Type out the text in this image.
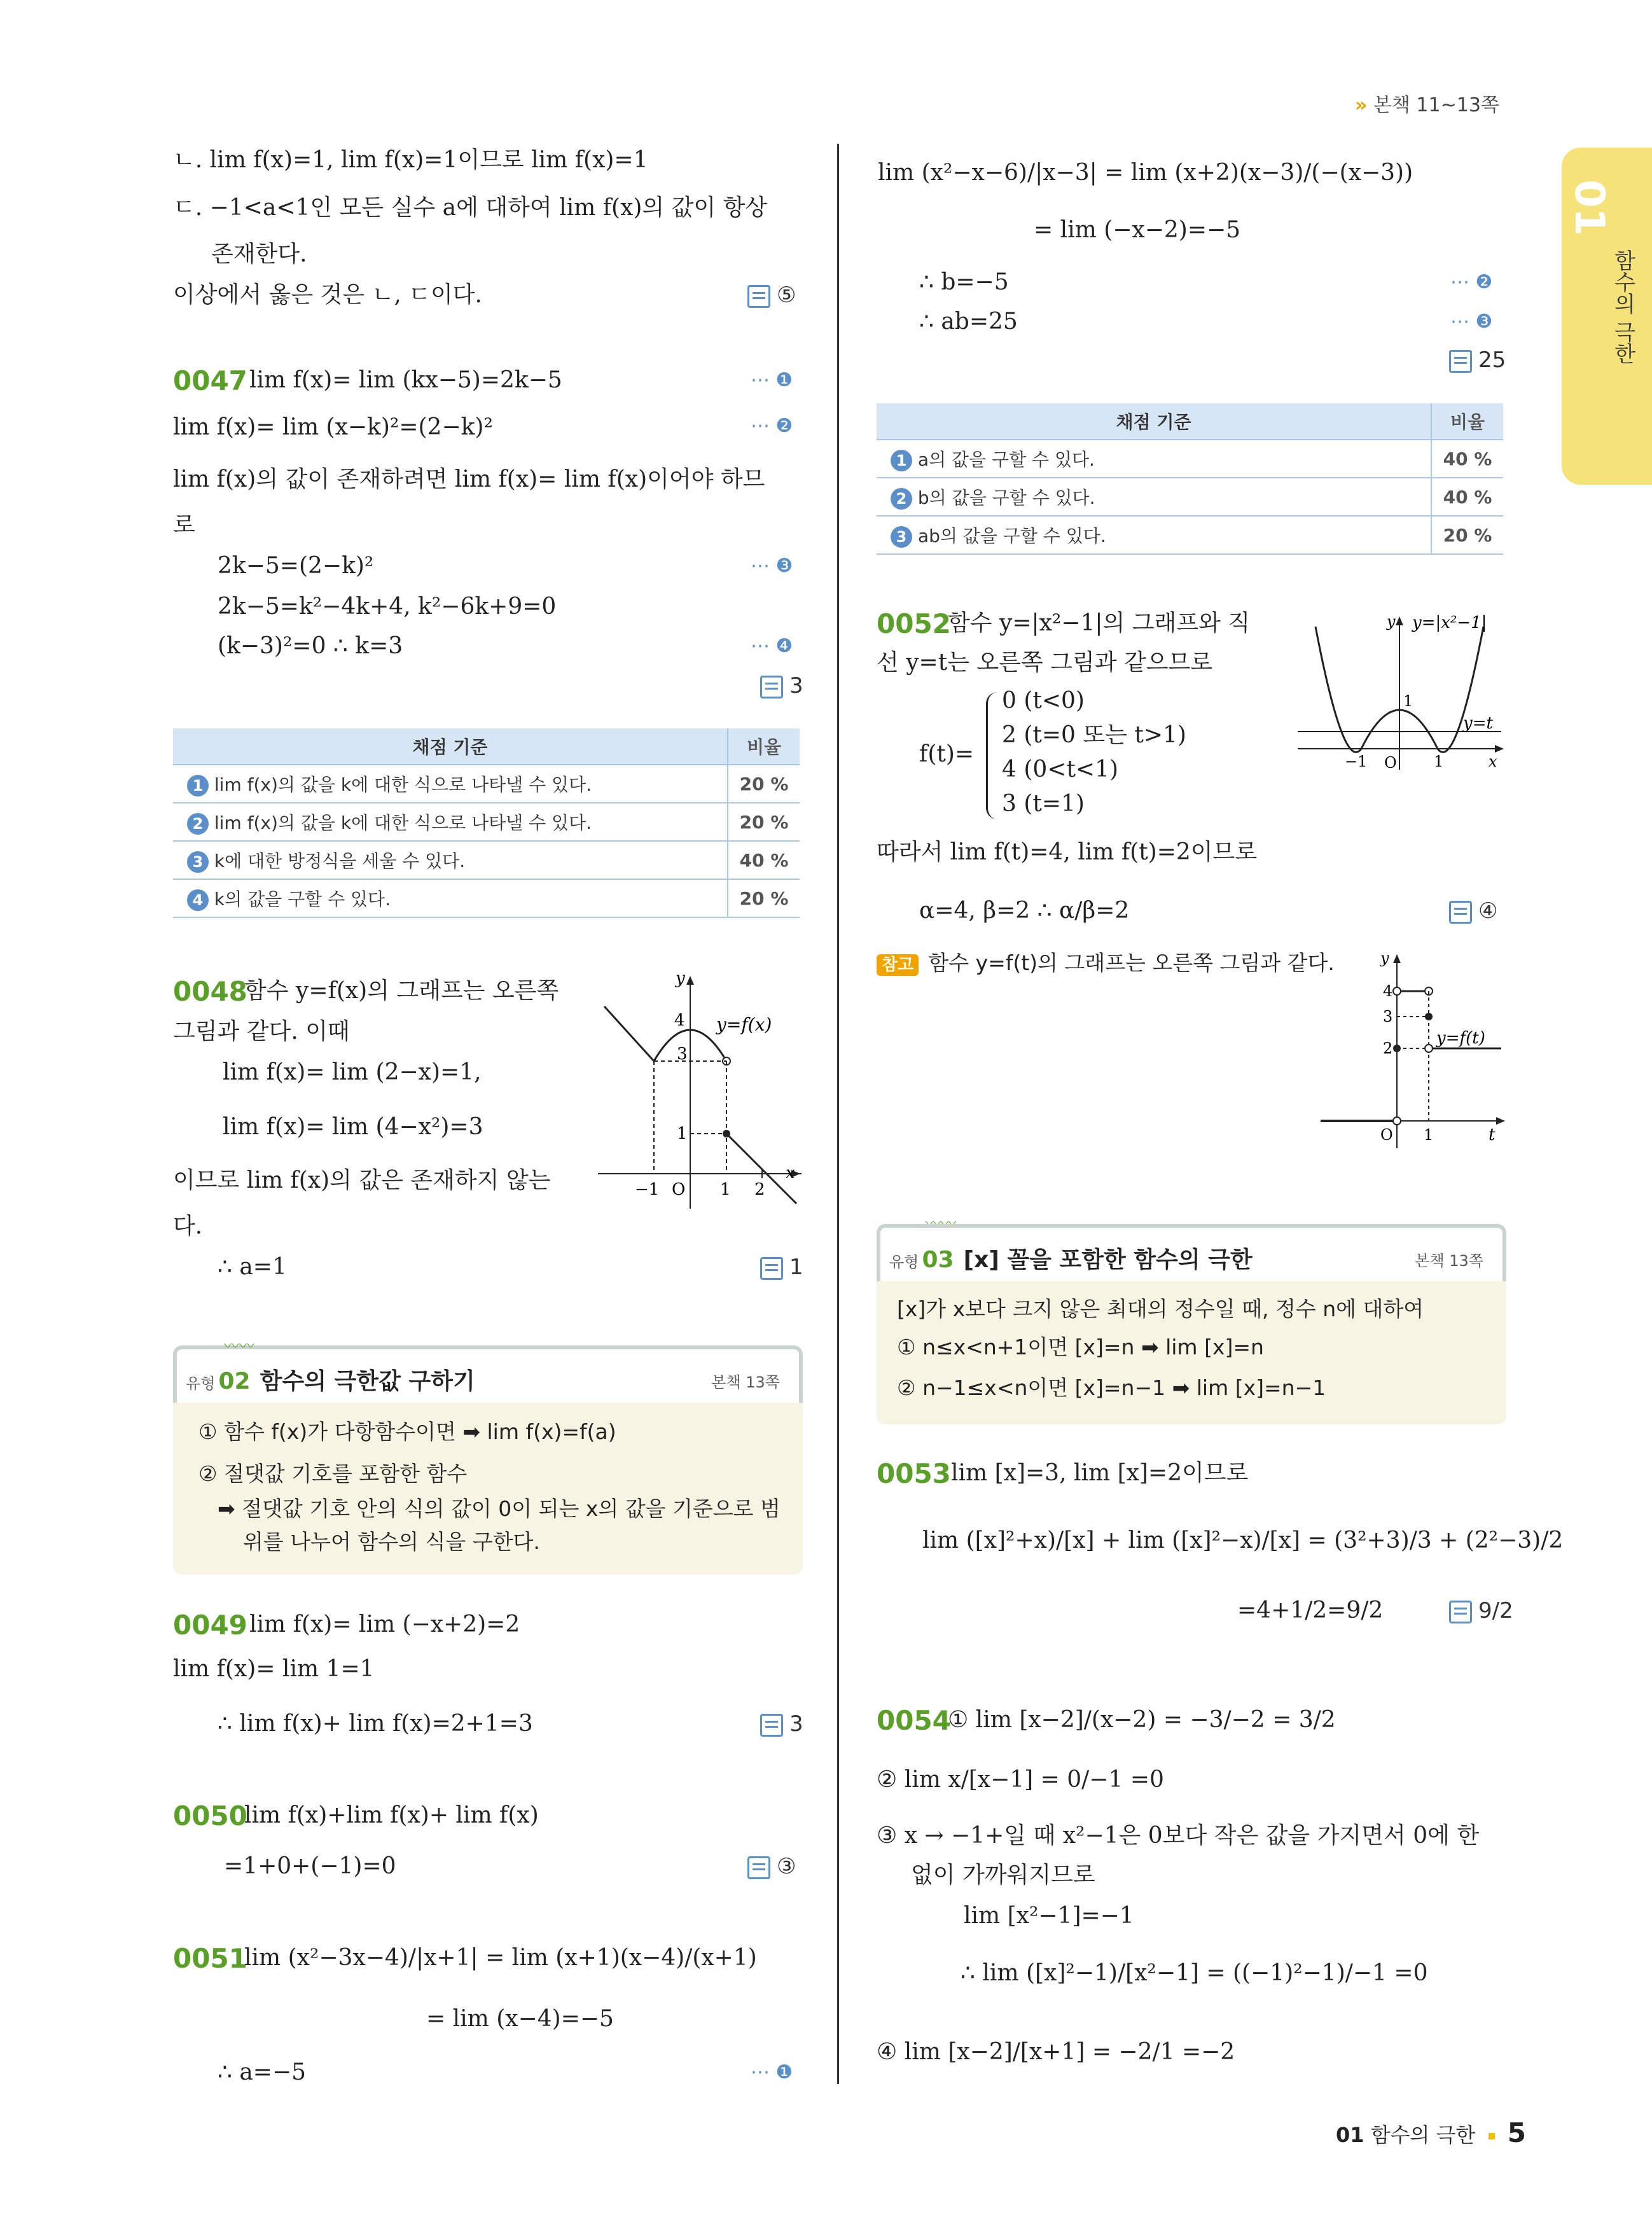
» 본책 11~13쪽
01
함수의 극한
ㄴ. lim f(x)=1, lim f(x)=1이므로 lim f(x)=1
ㄷ. −1<a<1인 모든 실수 a에 대하여 lim f(x)의 값이 항상
존재한다.
이상에서 옳은 것은 ㄴ, ㄷ이다.	⑤
0047 lim f(x)= lim (kx−5)=2k−5	⋯ ❶
lim f(x)= lim (x−k)²=(2−k)²	⋯ ❷
lim f(x)의 값이 존재하려면 lim f(x)= lim f(x)이어야 하므
로
2k−5=(2−k)²	⋯ ❸
2k−5=k²−4k+4, k²−6k+9=0
(k−3)²=0 ∴ k=3	⋯ ❹
3
채점 기준	비율
1 lim f(x)의 값을 k에 대한 식으로 나타낼 수 있다.	20 %
2 lim f(x)의 값을 k에 대한 식으로 나타낼 수 있다.	20 %
3 k에 대한 방정식을 세울 수 있다.	40 %
4 k의 값을 구할 수 있다.	20 %
0048
함수 y=f(x)의 그래프는 오른쪽
그림과 같다. 이때
lim f(x)= lim (2−x)=1,
lim f(x)= lim (4−x²)=3
이므로 lim f(x)의 값은 존재하지 않는
다.
∴ a=1	1
y
y=f(x)
4
3
1
−1 O 1 2
x
유형 02 함수의 극한값 구하기	본책 13쪽
〰〰
① 함수 f(x)가 다항함수이면 ➡ lim f(x)=f(a)
② 절댓값 기호를 포함한 함수
➡ 절댓값 기호 안의 식의 값이 0이 되는 x의 값을 기준으로 범
위를 나누어 함수의 식을 구한다.
0049 lim f(x)= lim (−x+2)=2
lim f(x)= lim 1=1
∴ lim f(x)+ lim f(x)=2+1=3	3
0050
lim f(x)+lim f(x)+ lim f(x)
=1+0+(−1)=0	③
0051
lim (x²−3x−4)/|x+1| = lim (x+1)(x−4)/(x+1)
= lim (x−4)=−5
∴ a=−5	⋯ ❶
lim (x²−x−6)/|x−3| = lim (x+2)(x−3)/(−(x−3))
= lim (−x−2)=−5
∴ b=−5	⋯ ❷
∴ ab=25	⋯ ❸
25
채점 기준	비율
1 a의 값을 구할 수 있다.	40 %
2 b의 값을 구할 수 있다.	40 %
3 ab의 값을 구할 수 있다.	20 %
0052
함수 y=|x²−1|의 그래프와 직
선 y=t는 오른쪽 그림과 같으므로
f(t)=
0 (t<0)
2 (t=0 또는 t>1)
4 (0<t<1)
3 (t=1)
따라서 lim f(t)=4, lim f(t)=2이므로
α=4, β=2 ∴ α/β=2	④
참고 함수 y=f(t)의 그래프는 오른쪽 그림과 같다.
y y=|x²−1|
1
y=t
−1 O 1	x
y
4
3
2
y=f(t)
O 1	t
유형 03 [x] 꼴을 포함한 함수의 극한	본책 13쪽
[x]가 x보다 크지 않은 최대의 정수일 때, 정수 n에 대하여
① n≤x<n+1이면 [x]=n ➡ lim [x]=n
② n−1≤x<n이면 [x]=n−1 ➡ lim [x]=n−1
0053 lim [x]=3, lim [x]=2이므로
lim ([x]²+x)/[x] + lim ([x]²−x)/[x] = (3²+3)/3 + (2²−3)/2
=4+1/2=9/2	9/2
0054
① lim [x−2]/(x−2) = −3/−2 = 3/2
② lim x/[x−1] = 0/−1 =0
③ x → −1+일 때 x²−1은 0보다 작은 값을 가지면서 0에 한
없이 가까워지므로
lim [x²−1]=−1
∴ lim ([x]²−1)/[x²−1] = ((−1)²−1)/−1 =0
④ lim [x−2]/[x+1] = −2/1 =−2
01 함수의 극한 5
